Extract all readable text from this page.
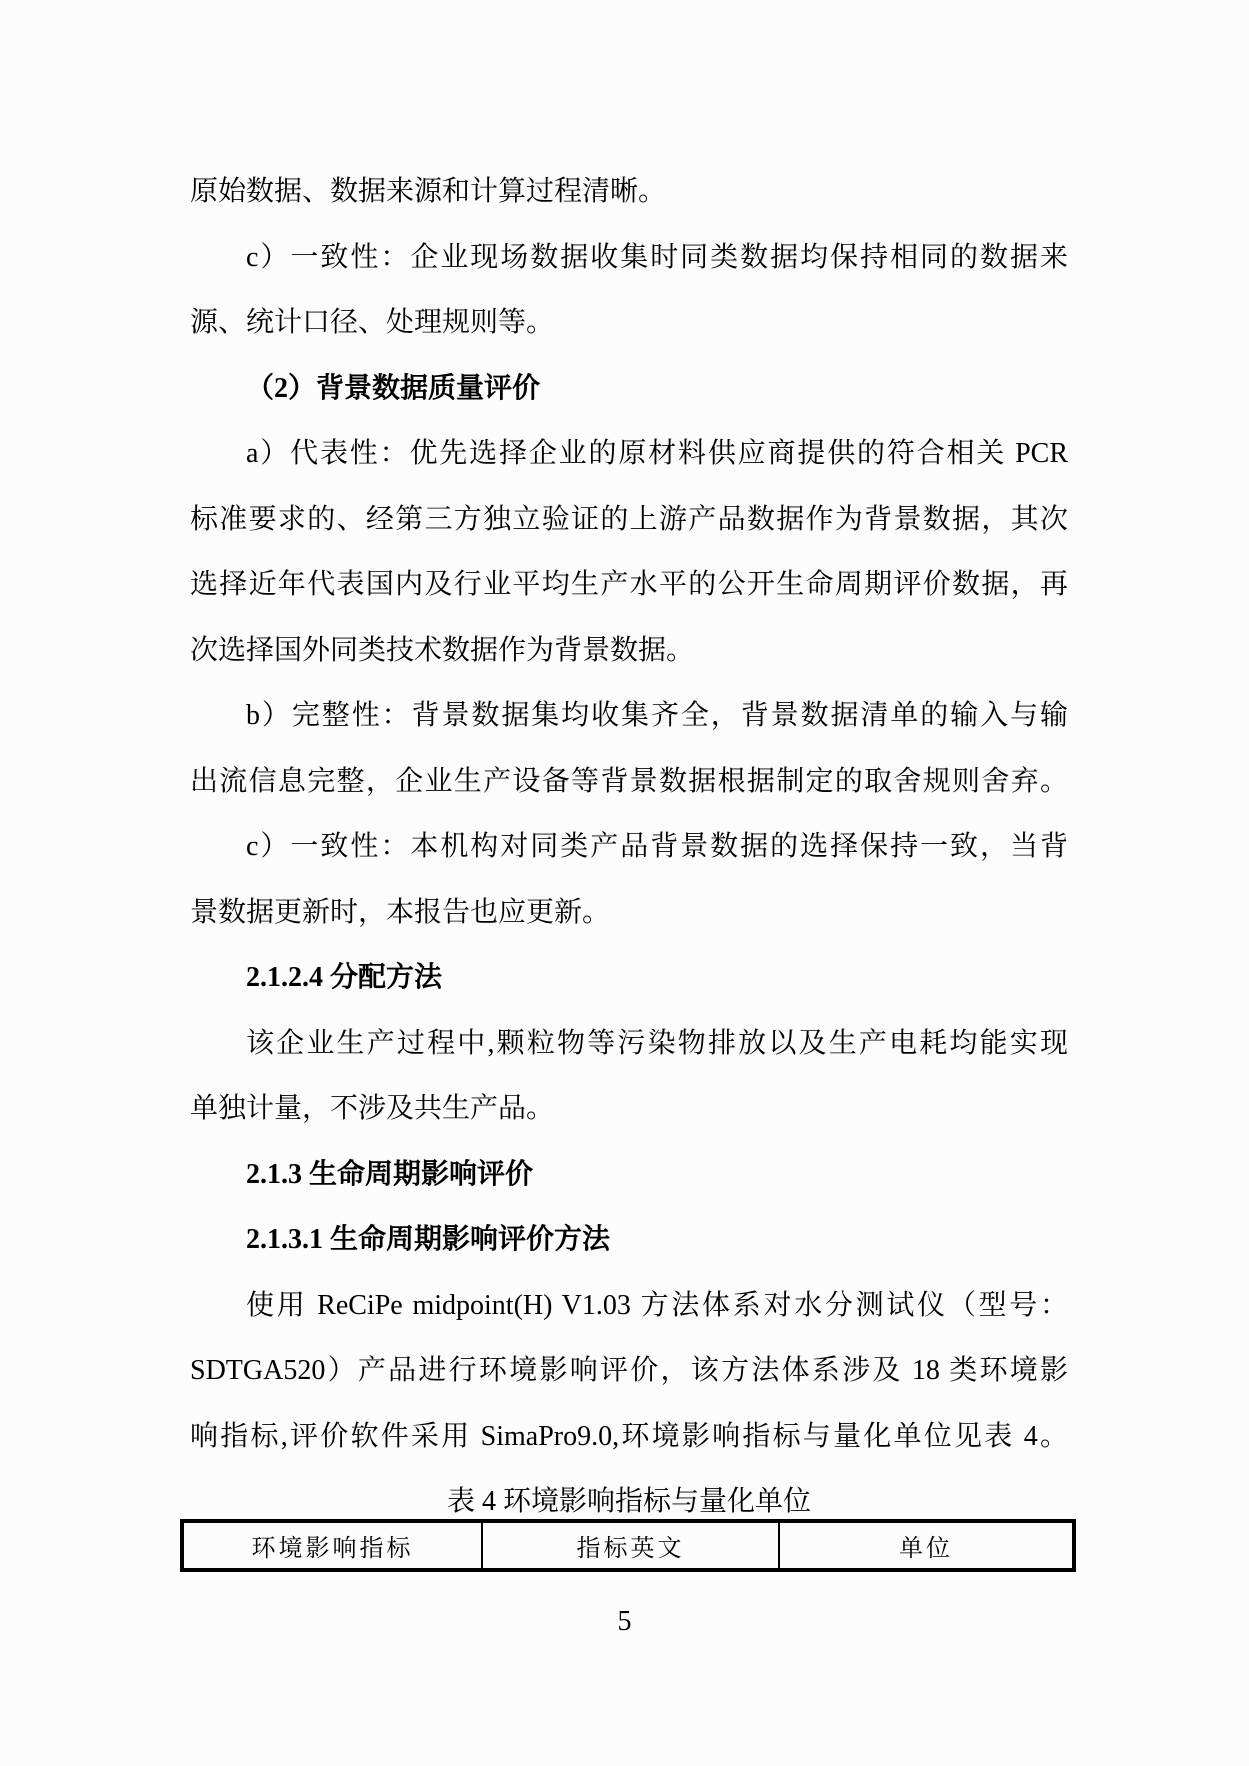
原始数据、数据来源和计算过程清晰。
c）一致性：企业现场数据收集时同类数据均保持相同的数据来
源、统计口径、处理规则等。
（2）背景数据质量评价
a）代表性：优先选择企业的原材料供应商提供的符合相关 PCR
标准要求的、经第三方独立验证的上游产品数据作为背景数据，其次
选择近年代表国内及行业平均生产水平的公开生命周期评价数据，再
次选择国外同类技术数据作为背景数据。
b）完整性：背景数据集均收集齐全，背景数据清单的输入与输
出流信息完整，企业生产设备等背景数据根据制定的取舍规则舍弃。
c）一致性：本机构对同类产品背景数据的选择保持一致，当背
景数据更新时，本报告也应更新。
2.1.2.4 分配方法
该企业生产过程中,颗粒物等污染物排放以及生产电耗均能实现
单独计量，不涉及共生产品。
2.1.3 生命周期影响评价
2.1.3.1 生命周期影响评价方法
使用 ReCiPe midpoint(H) V1.03 方法体系对水分测试仪（型号：
SDTGA520）产品进行环境影响评价，该方法体系涉及 18 类环境影
响指标,评价软件采用 SimaPro9.0,环境影响指标与量化单位见表 4。
表 4 环境影响指标与量化单位
环境影响指标	指标英文	单位
5
